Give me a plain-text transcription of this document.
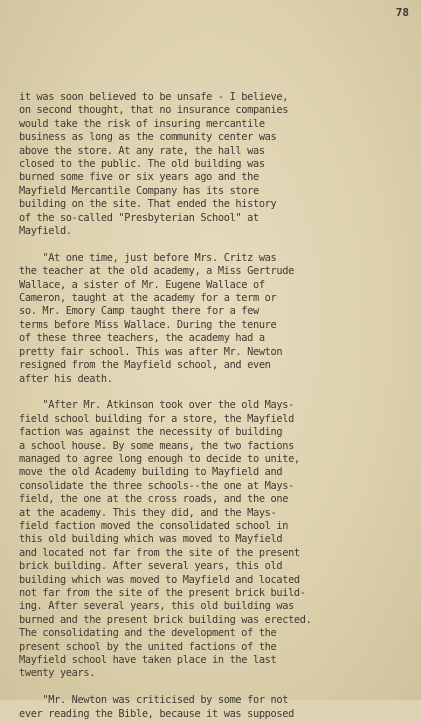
78
it was soon believed to be unsafe - I believe,
on second thought, that no insurance companies
would take the risk of insuring mercantile
business as long as the community center was
above the store. At any rate, the hall was
closed to the public. The old building was
burned some five or six years ago and the
Mayfield Mercantile Company has its store
building on the site. That ended the history
of the so-called "Presbyterian School" at
Mayfield.
"At one time, just before Mrs. Critz was
the teacher at the old academy, a Miss Gertrude
Wallace, a sister of Mr. Eugene Wallace of
Cameron, taught at the academy for a term or
so. Mr. Emory Camp taught there for a few
terms before Miss Wallace. During the tenure
of these three teachers, the academy had a
pretty fair school. This was after Mr. Newton
resigned from the Mayfield school, and even
after his death.
"After Mr. Atkinson took over the old Mays-
field school building for a store, the Mayfield
faction was against the necessity of building
a school house. By some means, the two factions
managed to agree long enough to decide to unite,
move the old Academy building to Mayfield and
consolidate the three schools--the one at Mays-
field, the one at the cross roads, and the one
at the academy. This they did, and the Mays-
field faction moved the consolidated school in
this old building which was moved to Mayfield
and located not far from the site of the present
brick building. After several years, this old
building which was moved to Mayfield and located
not far from the site of the present brick build-
ing. After several years, this old building was
burned and the present brick building was erected.
The consolidating and the development of the
present school by the united factions of the
Mayfield school have taken place in the last
twenty years.
"Mr. Newton was criticised by some for not
ever reading the Bible, because it was supposed
